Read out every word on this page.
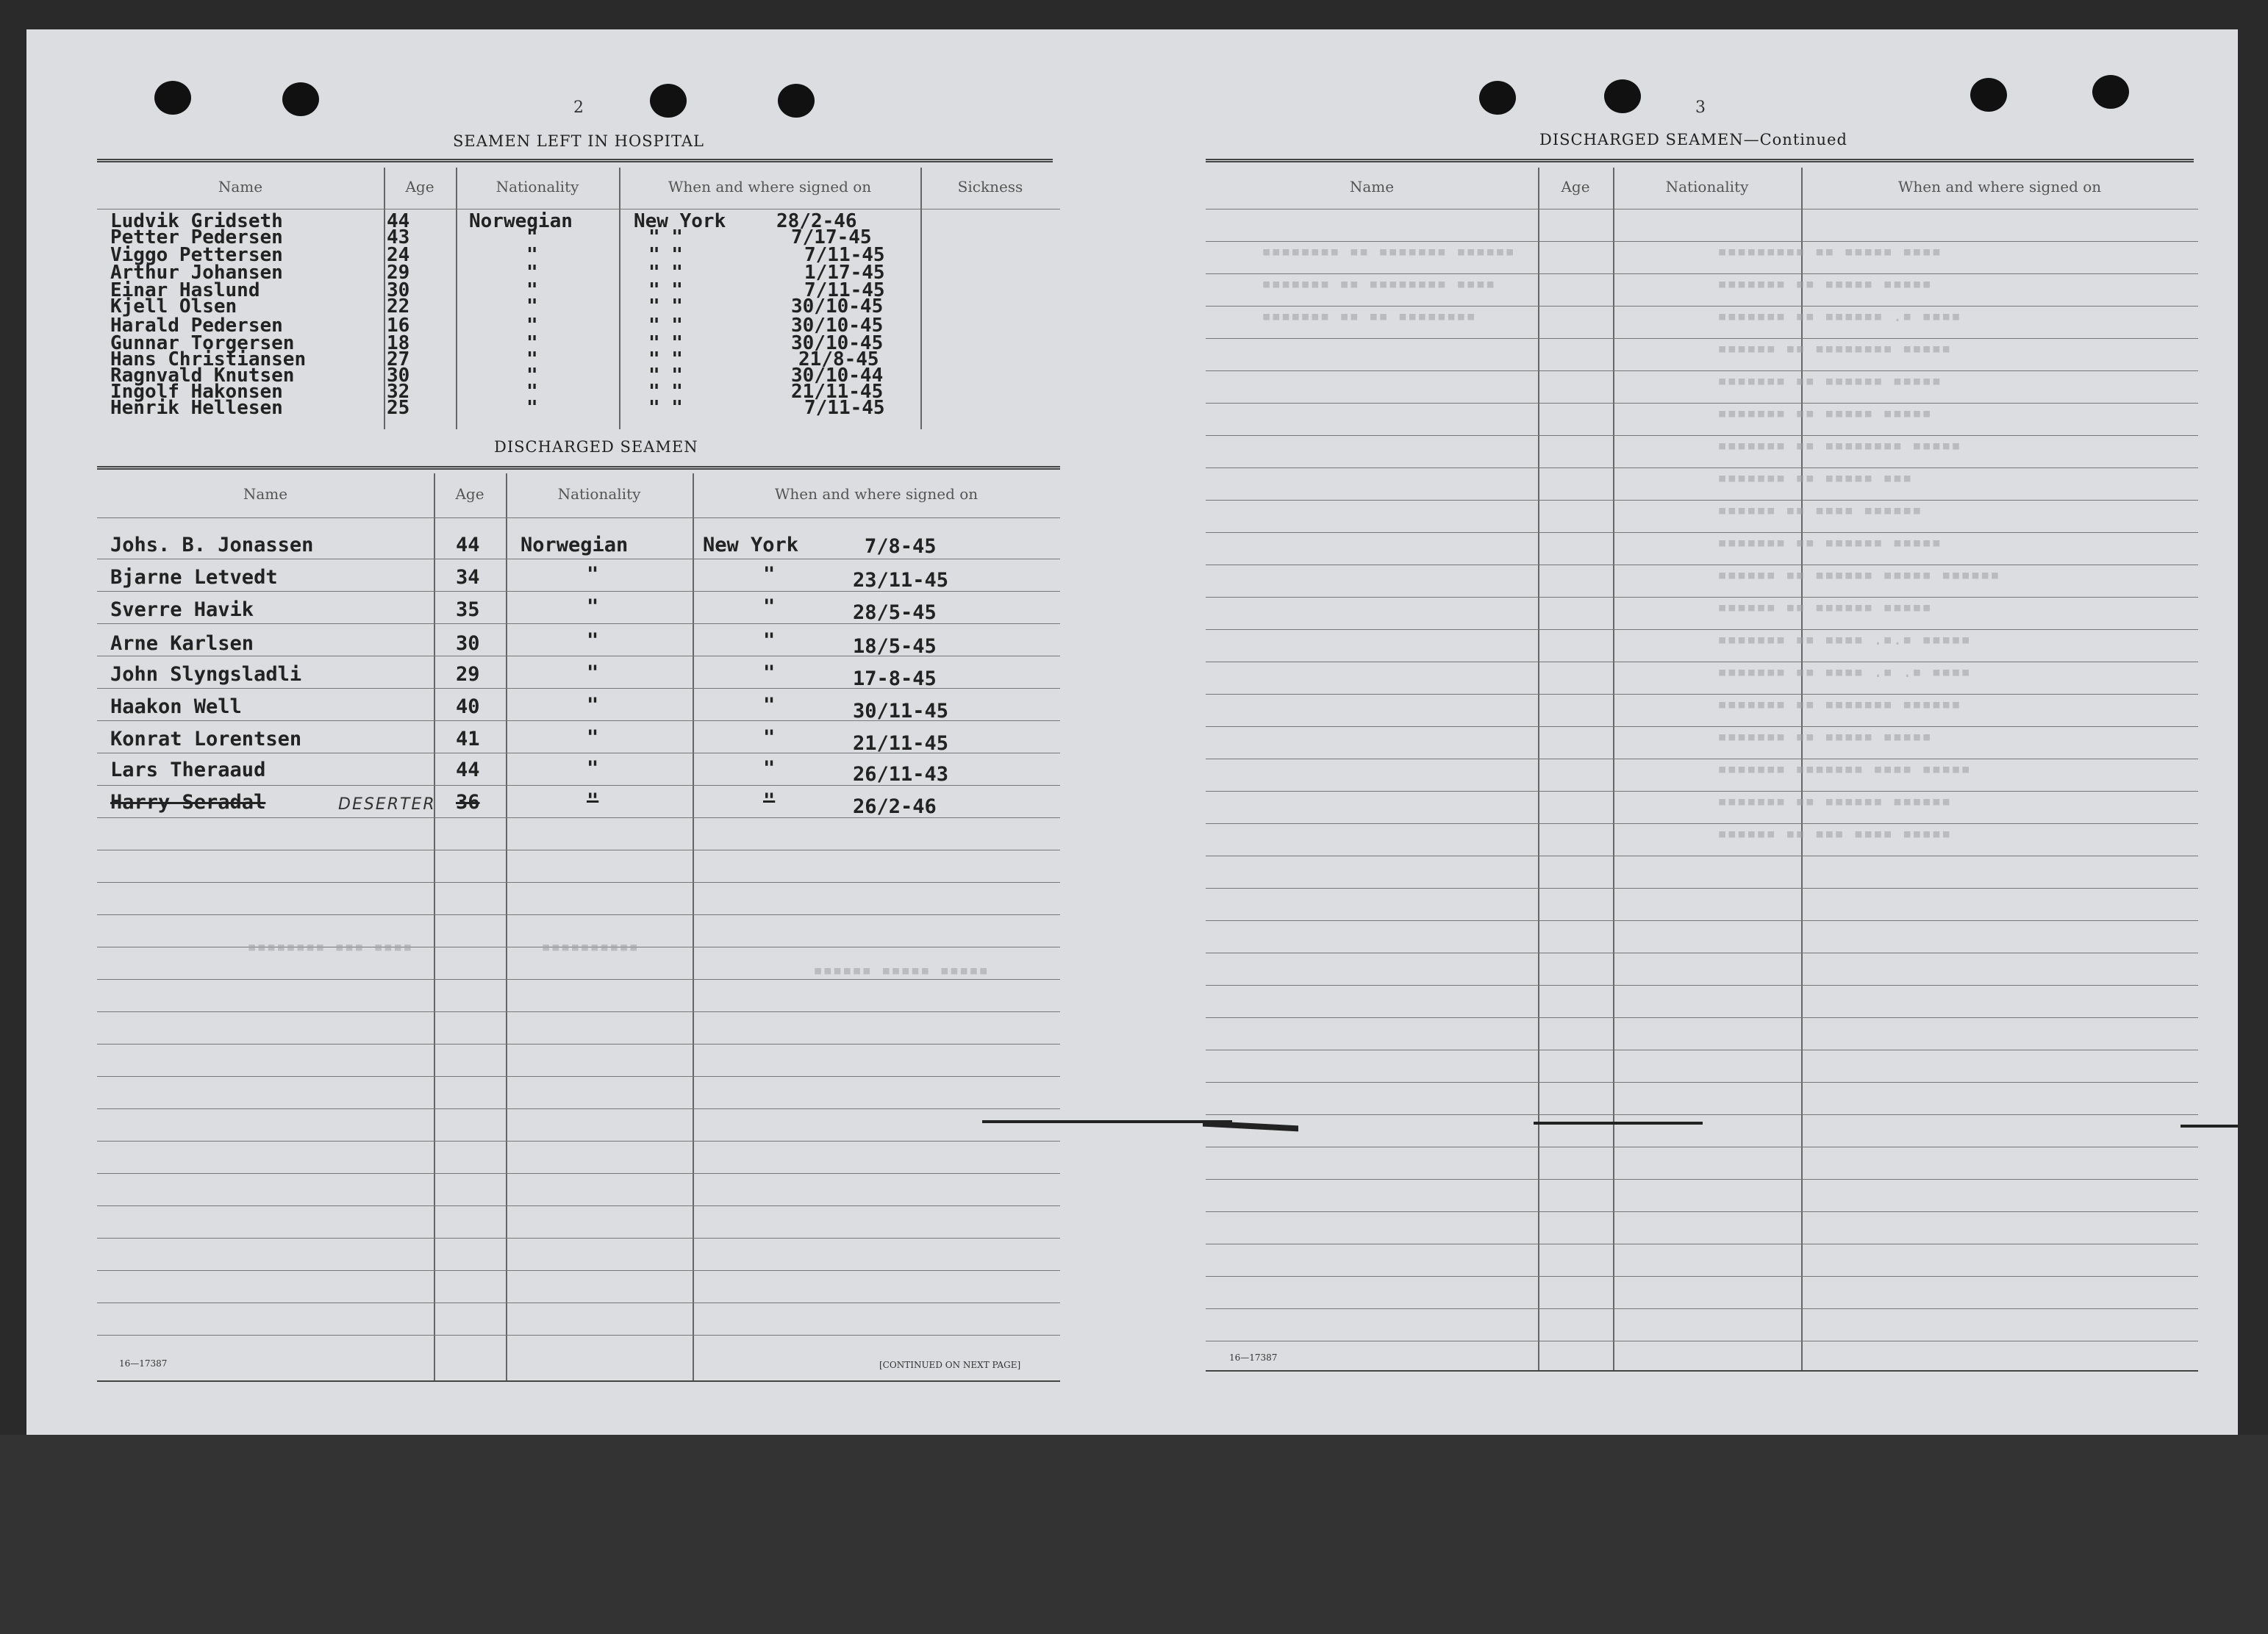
2
SEAMEN LEFT IN HOSPITAL
Name	Age	Nationality	When and where signed on	Sickness
Ludvik Gridseth	44	Norwegian	New York	28/2-46
Petter Pedersen	43	"	" "	7/17-45
Viggo Pettersen	24	"	" "	7/11-45
Arthur Johansen	29	"	" "	1/17-45
Einar Haslund	30	"	" "	7/11-45
Kjell Olsen	22	"	" "	30/10-45
Harald Pedersen	16	"	" "	30/10-45
Gunnar Torgersen	18	"	" "	30/10-45
Hans Christiansen	27	"	" "	21/8-45
Ragnvald Knutsen	30	"	" "	30/10-44
Ingolf Hakonsen	32	"	" "	21/11-45
Henrik Hellesen	25	"	" "	7/11-45
DISCHARGED SEAMEN
Name	Age	Nationality	When and where signed on
Johs. B. Jonassen	44 Norwegian	New York	7/8-45
Bjarne Letvedt	34	"	"	23/11-45
Sverre Havik	35	"	"	28/5-45
Arne Karlsen	30	"	"	18/5-45
John Slyngsladli	29	"	"	17-8-45
Haakon Well	40	"	"	30/11-45
Konrat Lorentsen	41	"	"	21/11-45
Lars Theraaud	44	"	"	26/11-43
Harry Seradal	DESERTER 36	"	"	26/2-46
▪▪▪▪ ▪▪▪ ▪▪▪▪▪▪▪▪	▪▪▪▪▪▪▪▪▪▪
▪▪▪▪▪ ▪▪▪▪▪ ▪▪▪▪▪▪
16—17387	[CONTINUED ON NEXT PAGE]
3
DISCHARGED SEAMEN—Continued
Name	Age	Nationality	When and where signed on
▪▪▪▪ ▪▪▪▪▪ ▪▪ ▪▪▪▪▪▪▪▪▪
▪▪▪▪▪ ▪▪▪▪▪ ▪▪ ▪▪▪▪▪▪▪
▪▪▪▪ ▪. ▪▪▪▪▪▪ ▪▪ ▪▪▪▪▪▪▪
▪▪▪▪▪ ▪▪▪▪▪▪▪▪ ▪▪ ▪▪▪▪▪▪
▪▪▪▪▪ ▪▪▪▪▪▪ ▪▪ ▪▪▪▪▪▪▪
▪▪▪▪▪ ▪▪▪▪▪ ▪▪ ▪▪▪▪▪▪▪
▪▪▪▪▪ ▪▪▪▪▪▪▪▪ ▪▪ ▪▪▪▪▪▪▪
▪▪▪ ▪▪▪▪▪ ▪▪ ▪▪▪▪▪▪▪
▪▪▪▪▪▪ ▪▪▪▪ ▪▪ ▪▪▪▪▪▪
▪▪▪▪▪ ▪▪▪▪▪▪ ▪▪ ▪▪▪▪▪▪▪
▪▪▪▪▪▪ ▪▪▪▪▪ ▪▪▪▪▪▪ ▪▪ ▪▪▪▪▪▪
▪▪▪▪▪ ▪▪▪▪▪▪ ▪▪ ▪▪▪▪▪▪
▪▪▪▪▪ ▪.▪. ▪▪▪▪ ▪▪ ▪▪▪▪▪▪▪
▪▪▪▪ ▪. ▪. ▪▪▪▪ ▪▪ ▪▪▪▪▪▪▪
▪▪▪▪▪▪ ▪▪▪▪▪▪▪ ▪▪ ▪▪▪▪▪▪▪
▪▪▪▪▪ ▪▪▪▪▪ ▪▪ ▪▪▪▪▪▪▪
▪▪▪▪▪ ▪▪▪▪ ▪▪▪▪▪▪▪ ▪▪▪▪▪▪▪
▪▪▪▪▪▪ ▪▪▪▪▪▪ ▪▪ ▪▪▪▪▪▪▪
▪▪▪▪▪ ▪▪▪▪ ▪▪▪ ▪▪ ▪▪▪▪▪▪
▪▪▪▪▪▪ ▪▪▪▪▪▪▪ ▪▪ ▪▪▪▪▪▪▪▪
▪▪▪▪ ▪▪▪▪▪▪▪▪ ▪▪ ▪▪▪▪▪▪▪
▪▪▪▪▪▪▪▪ ▪▪ ▪▪ ▪▪▪▪▪▪▪
16—17387
